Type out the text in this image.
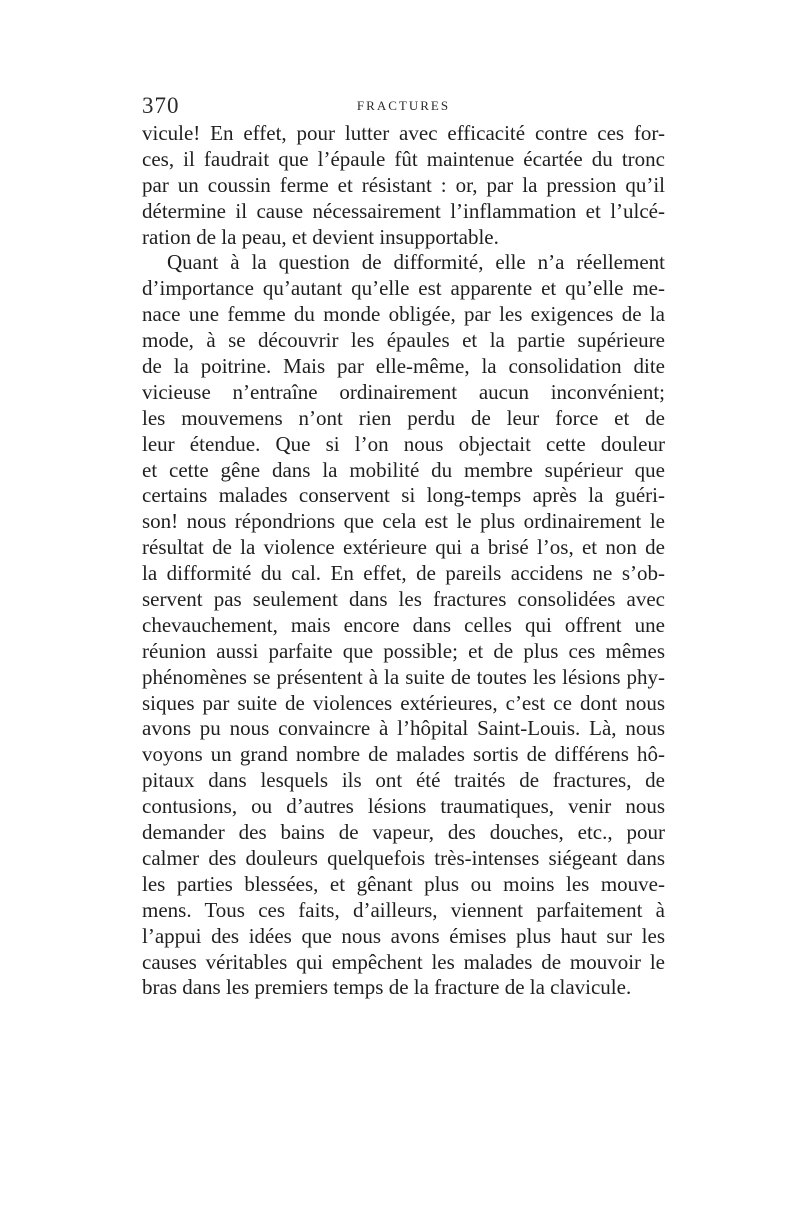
370	FRACTURES
vicule! En effet, pour lutter avec efficacité contre ces for-
ces, il faudrait que l’épaule fût maintenue écartée du tronc
par un coussin ferme et résistant : or, par la pression qu’il
détermine il cause nécessairement l’inflammation et l’ulcé-
ration de la peau, et devient insupportable.
Quant à la question de difformité, elle n’a réellement
d’importance qu’autant qu’elle est apparente et qu’elle me-
nace une femme du monde obligée, par les exigences de la
mode, à se découvrir les épaules et la partie supérieure
de la poitrine. Mais par elle-même, la consolidation dite
vicieuse n’entraîne ordinairement aucun inconvénient;
les mouvemens n’ont rien perdu de leur force et de
leur étendue. Que si l’on nous objectait cette douleur
et cette gêne dans la mobilité du membre supérieur que
certains malades conservent si long-temps après la guéri-
son! nous répondrions que cela est le plus ordinairement le
résultat de la violence extérieure qui a brisé l’os, et non de
la difformité du cal. En effet, de pareils accidens ne s’ob-
servent pas seulement dans les fractures consolidées avec
chevauchement, mais encore dans celles qui offrent une
réunion aussi parfaite que possible; et de plus ces mêmes
phénomènes se présentent à la suite de toutes les lésions phy-
siques par suite de violences extérieures, c’est ce dont nous
avons pu nous convaincre à l’hôpital Saint-Louis. Là, nous
voyons un grand nombre de malades sortis de différens hô-
pitaux dans lesquels ils ont été traités de fractures, de
contusions, ou d’autres lésions traumatiques, venir nous
demander des bains de vapeur, des douches, etc., pour
calmer des douleurs quelquefois très-intenses siégeant dans
les parties blessées, et gênant plus ou moins les mouve-
mens. Tous ces faits, d’ailleurs, viennent parfaitement à
l’appui des idées que nous avons émises plus haut sur les
causes véritables qui empêchent les malades de mouvoir le
bras dans les premiers temps de la fracture de la clavicule.
